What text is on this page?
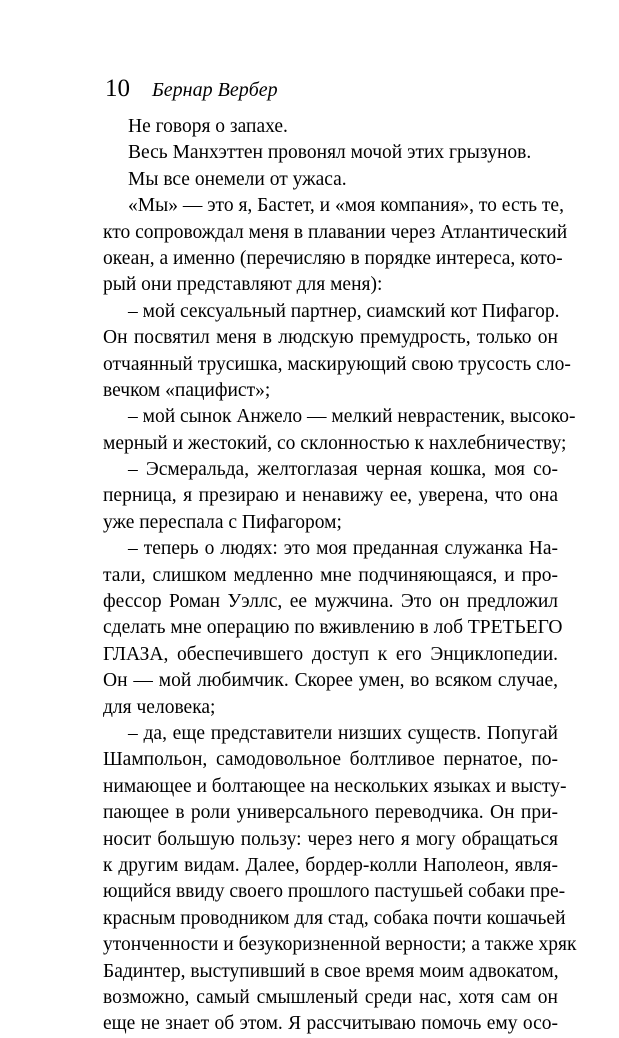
10 Бернар Вербер
Не говоря о запахе.
Весь Манхэттен провонял мочой этих грызунов.
Мы все онемели от ужаса.
«Мы» — это я, Бастет, и «моя компания», то есть те,
кто сопровождал меня в плавании через Атлантический
океан, а именно (перечисляю в порядке интереса, кото-
рый они представляют для меня):
– мой сексуальный партнер, сиамский кот Пифагор.
Он посвятил меня в людскую премудрость, только он
отчаянный трусишка, маскирующий свою трусость сло-
вечком «пацифист»;
– мой сынок Анжело — мелкий неврастеник, высоко-
мерный и жестокий, со склонностью к нахлебничеству;
– Эсмеральда, желтоглазая черная кошка, моя со-
перница, я презираю и ненавижу ее, уверена, что она
уже переспала с Пифагором;
– теперь о людях: это моя преданная служанка На-
тали, слишком медленно мне подчиняющаяся, и про-
фессор Роман Уэллс, ее мужчина. Это он предложил
сделать мне операцию по вживлению в лоб ТРЕТЬЕГО
ГЛАЗА, обеспечившего доступ к его Энциклопедии.
Он — мой любимчик. Скорее умен, во всяком случае,
для человека;
– да, еще представители низших существ. Попугай
Шампольон, самодовольное болтливое пернатое, по-
нимающее и болтающее на нескольких языках и высту-
пающее в роли универсального переводчика. Он при-
носит большую пользу: через него я могу обращаться
к другим видам. Далее, бордер-колли Наполеон, явля-
ющийся ввиду своего прошлого пастушьей собаки пре-
красным проводником для стад, собака почти кошачьей
утонченности и безукоризненной верности; а также хряк
Бадинтер, выступивший в свое время моим адвокатом,
возможно, самый смышленый среди нас, хотя сам он
еще не знает об этом. Я рассчитываю помочь ему осо-
